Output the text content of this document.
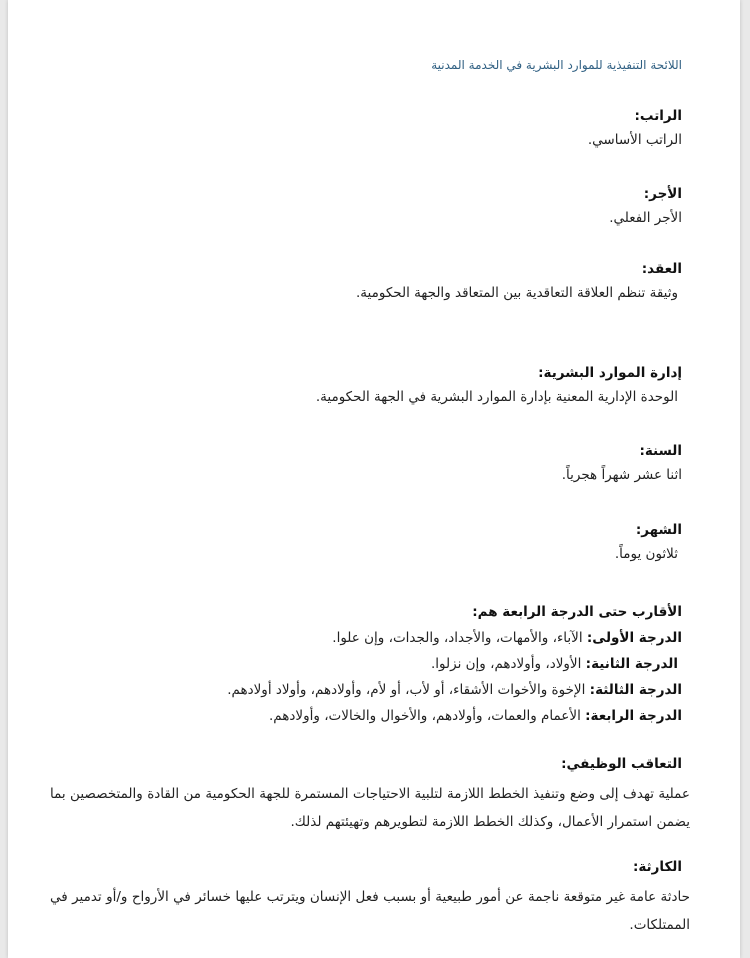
اللائحة التنفيذية للموارد البشرية في الخدمة المدنية
الراتب:
الراتب الأساسي.
الأجر:
الأجر الفعلي.
العقد:
وثيقة تنظم العلاقة التعاقدية بين المتعاقد والجهة الحكومية.
إدارة الموارد البشرية:
الوحدة الإدارية المعنية بإدارة الموارد البشرية في الجهة الحكومية.
السنة:
اثنا عشر شهراً هجرياً.
الشهر:
ثلاثون يوماً.
الأقارب حتى الدرجة الرابعة هم:
الدرجة الأولى: الآباء، والأمهات، والأجداد، والجدات، وإن علوا.
الدرجة الثانية: الأولاد، وأولادهم، وإن نزلوا.
الدرجة الثالثة: الإخوة والأخوات الأشقاء، أو لأب، أو لأم، وأولادهم، وأولاد أولادهم.
الدرجة الرابعة: الأعمام والعمات، وأولادهم، والأخوال والخالات، وأولادهم.
التعاقب الوظيفي:
عملية تهدف إلى وضع وتنفيذ الخطط اللازمة لتلبية الاحتياجات المستمرة للجهة الحكومية من القادة والمتخصصين بما يضمن استمرار الأعمال، وكذلك الخطط اللازمة لتطويرهم وتهيئتهم لذلك.
الكارثة:
حادثة عامة غير متوقعة ناجمة عن أمور طبيعية أو بسبب فعل الإنسان ويترتب عليها خسائر في الأرواح و/أو تدمير في الممتلكات.
